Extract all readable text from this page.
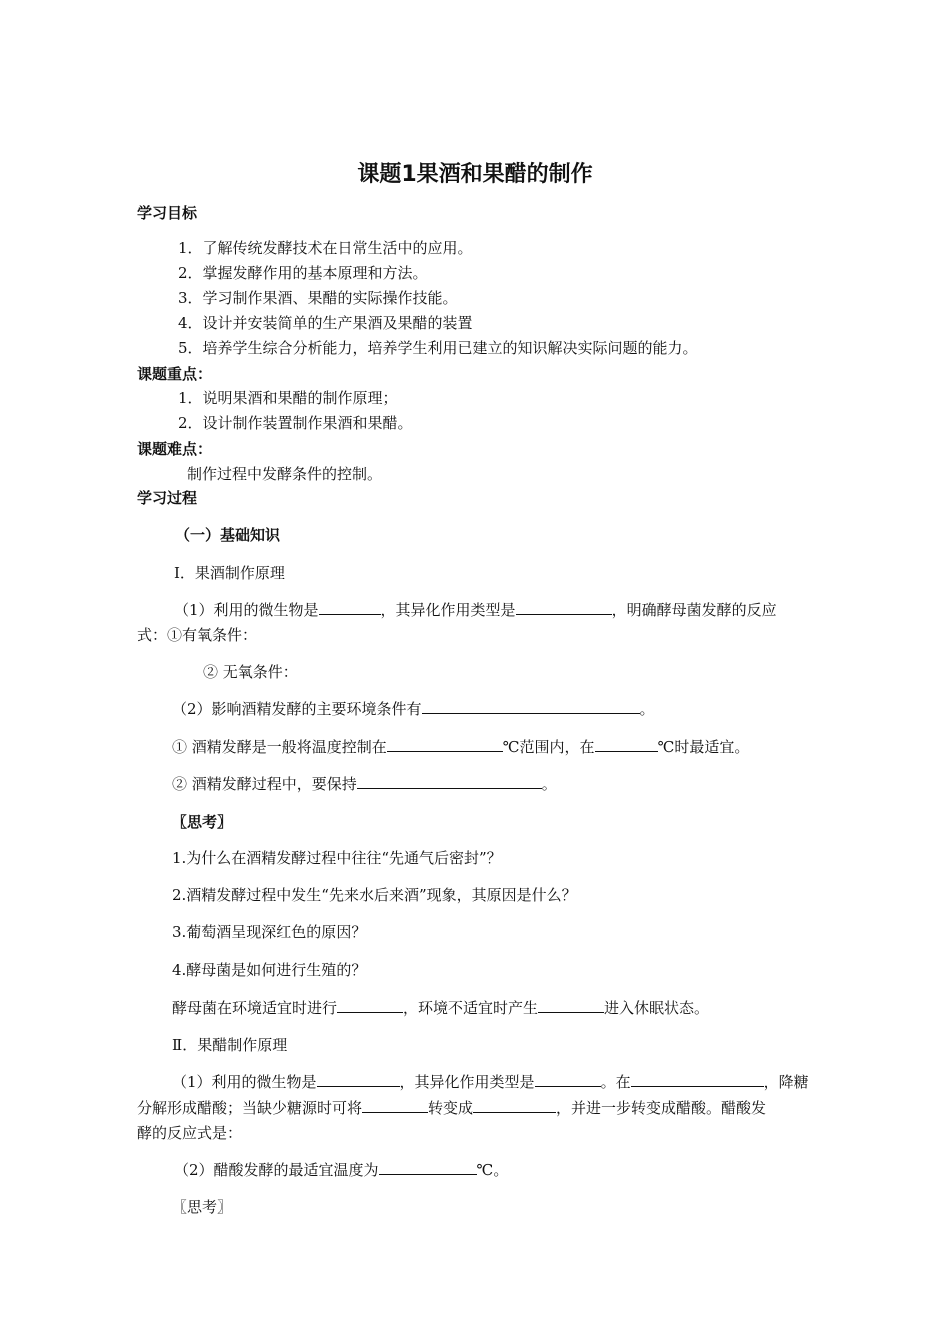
课题1果酒和果醋的制作
学习目标
1．了解传统发酵技术在日常生活中的应用。
2．掌握发酵作用的基本原理和方法。
3．学习制作果酒、果醋的实际操作技能。
4．设计并安装简单的生产果酒及果醋的装置
5．培养学生综合分析能力，培养学生利用已建立的知识解决实际问题的能力。
课题重点：
1．说明果酒和果醋的制作原理；
2．设计制作装置制作果酒和果醋。
课题难点：
制作过程中发酵条件的控制。
学习过程
（一）基础知识
Ⅰ．果酒制作原理
（1）利用的微生物是	，其异化作用类型是	，明确酵母菌发酵的反应
式：①有氧条件：
② 无氧条件：
（2）影响酒精发酵的主要环境条件有	。
① 酒精发酵是一般将温度控制在	℃范围内，在	℃时最适宜。
② 酒精发酵过程中，要保持	。
〖思考〗
1.为什么在酒精发酵过程中往往“先通气后密封”？
2.酒精发酵过程中发生“先来水后来酒”现象，其原因是什么？
3.葡萄酒呈现深红色的原因？
4.酵母菌是如何进行生殖的？
酵母菌在环境适宜时进行	，环境不适宜时产生	进入休眠状态。
Ⅱ．果醋制作原理
（1）利用的微生物是	，其异化作用类型是	。在	，降糖
分解形成醋酸；当缺少糖源时可将	转变成	，并进一步转变成醋酸。醋酸发
酵的反应式是：
（2）醋酸发酵的最适宜温度为	℃。
〖思考〗
